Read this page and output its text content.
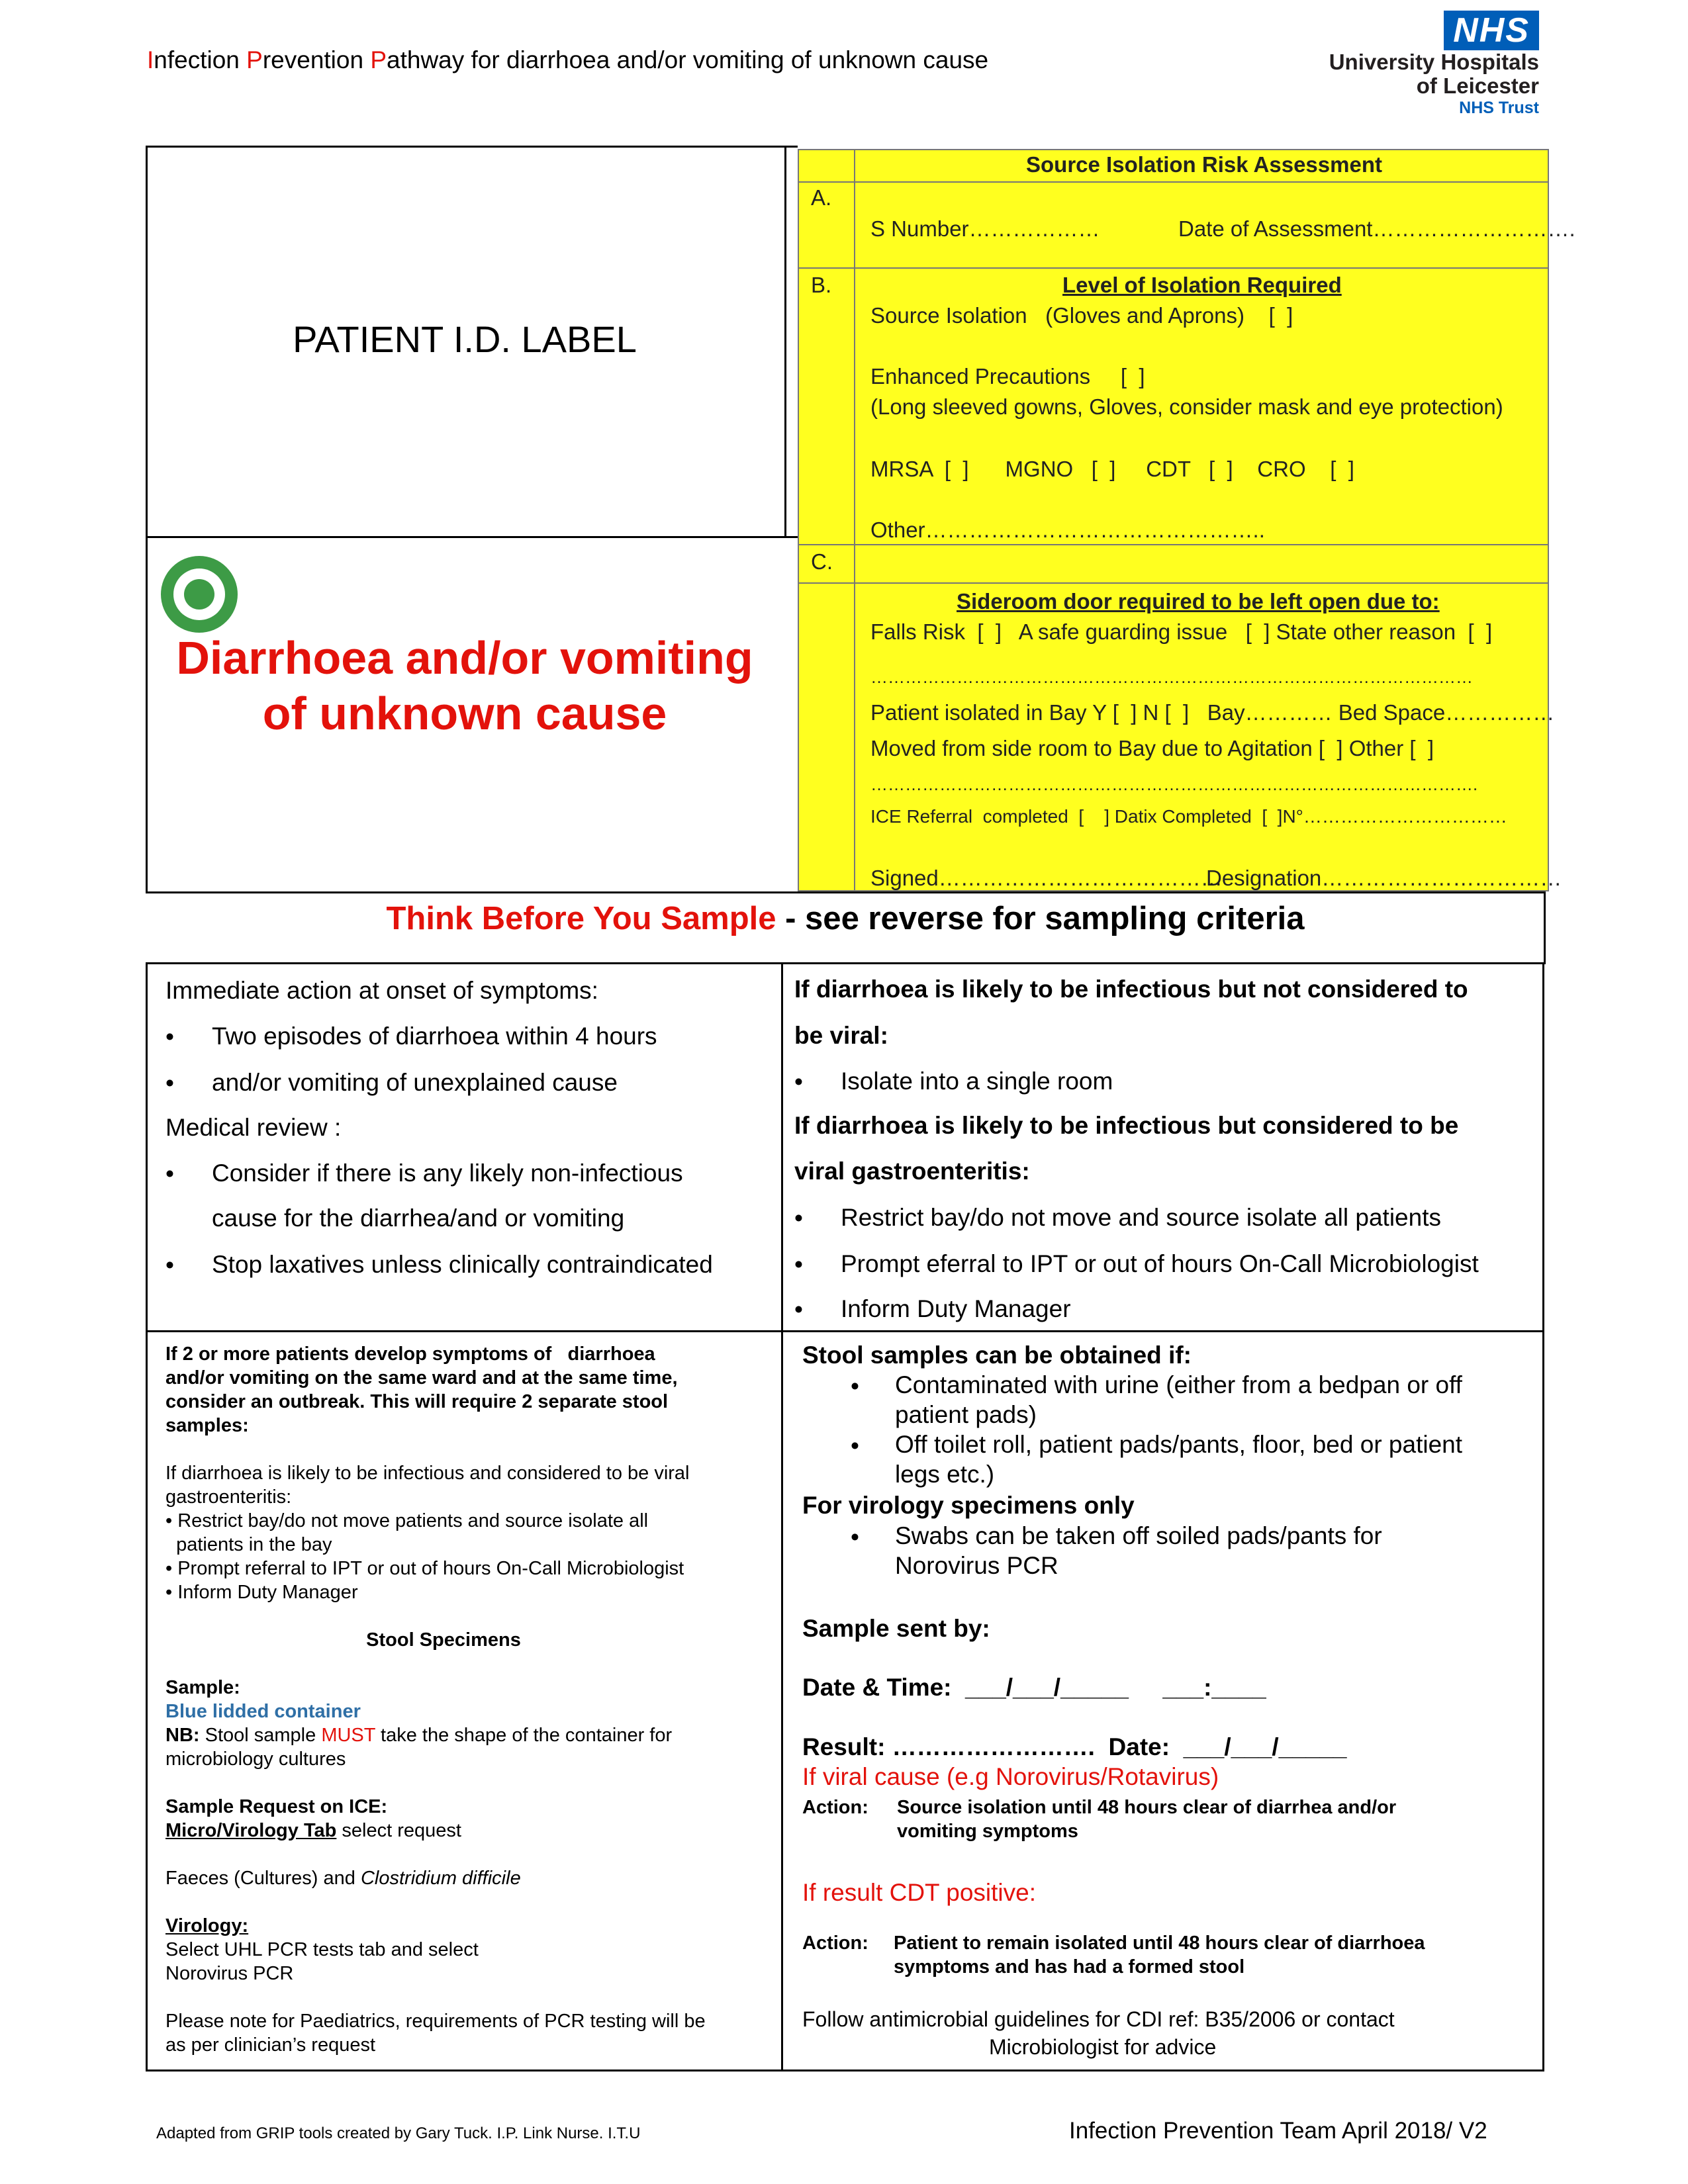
Infection Prevention Pathway for diarrhoea and/or vomiting of unknown cause
NHS
University Hospitals
of Leicester
NHS Trust
PATIENT I.D. LABEL
Diarrhoea and/or vomiting
of unknown cause
Source Isolation Risk Assessment
A.
S Number………………	Date of Assessment……………………….
B.	Level of Isolation Required
Source Isolation   (Gloves and Aprons)    [  ]
Enhanced Precautions     [  ]
(Long sleeved gowns, Gloves, consider mask and eye protection)
MRSA  [  ]      MGNO   [  ]     CDT   [  ]    CRO    [  ]
Other………………………………………..
C.
Sideroom door required to be left open due to:
Falls Risk  [  ]   A safe guarding issue   [  ] State other reason  [  ]
……………………………………………………………………………………………
Patient isolated in Bay Y [  ] N [  ]   Bay………… Bed Space……………
Moved from side room to Bay due to Agitation [  ] Other [  ]
…………………………………………………………………………………………….
ICE Referral  completed  [    ] Datix Completed  [  ]N°……………………………
Signed…………………………………
Designation……………………………
Think Before You Sample - see reverse for sampling criteria
Immediate action at onset of symptoms:
• Two episodes of diarrhoea within 4 hours
• and/or vomiting of unexplained cause
Medical review :
• Consider if there is any likely non-infectious
cause for the diarrhea/and or vomiting
• Stop laxatives unless clinically contraindicated
If diarrhoea is likely to be infectious but not considered to
be viral:
• Isolate into a single room
If diarrhoea is likely to be infectious but considered to be
viral gastroenteritis:
• Restrict bay/do not move and source isolate all patients
• Prompt eferral to IPT or out of hours On-Call Microbiologist
• Inform Duty Manager
If 2 or more patients develop symptoms of   diarrhoea
and/or vomiting on the same ward and at the same time,
consider an outbreak. This will require 2 separate stool
samples:
If diarrhoea is likely to be infectious and considered to be viral
gastroenteritis:
• Restrict bay/do not move patients and source isolate all
patients in the bay
• Prompt referral to IPT or out of hours On-Call Microbiologist
• Inform Duty Manager
Stool Specimens
Sample:
Blue lidded container
NB: Stool sample MUST take the shape of the container for
microbiology cultures
Sample Request on ICE:
Micro/Virology Tab select request
Faeces (Cultures) and Clostridium difficile
Virology:
Select UHL PCR tests tab and select
Norovirus PCR
Please note for Paediatrics, requirements of PCR testing will be
as per clinician’s request
Stool samples can be obtained if:
• Contaminated with urine (either from a bedpan or off
patient pads)
• Off toilet roll, patient pads/pants, floor, bed or patient
legs etc.)
For virology specimens only
• Swabs can be taken off soiled pads/pants for
Norovirus PCR
Sample sent by:
Date & Time:  ___/___/_____     ___:____
Result: …………………….  Date:  ___/___/_____
If viral cause (e.g Norovirus/Rotavirus)
Action: Source isolation until 48 hours clear of diarrhea and/or
vomiting symptoms
If result CDT positive:
Action: Patient to remain isolated until 48 hours clear of diarrhoea
symptoms and has had a formed stool
Follow antimicrobial guidelines for CDI ref: B35/2006 or contact
Microbiologist for advice
Adapted from GRIP tools created by Gary Tuck. I.P. Link Nurse. I.T.U	Infection Prevention Team April 2018/ V2
